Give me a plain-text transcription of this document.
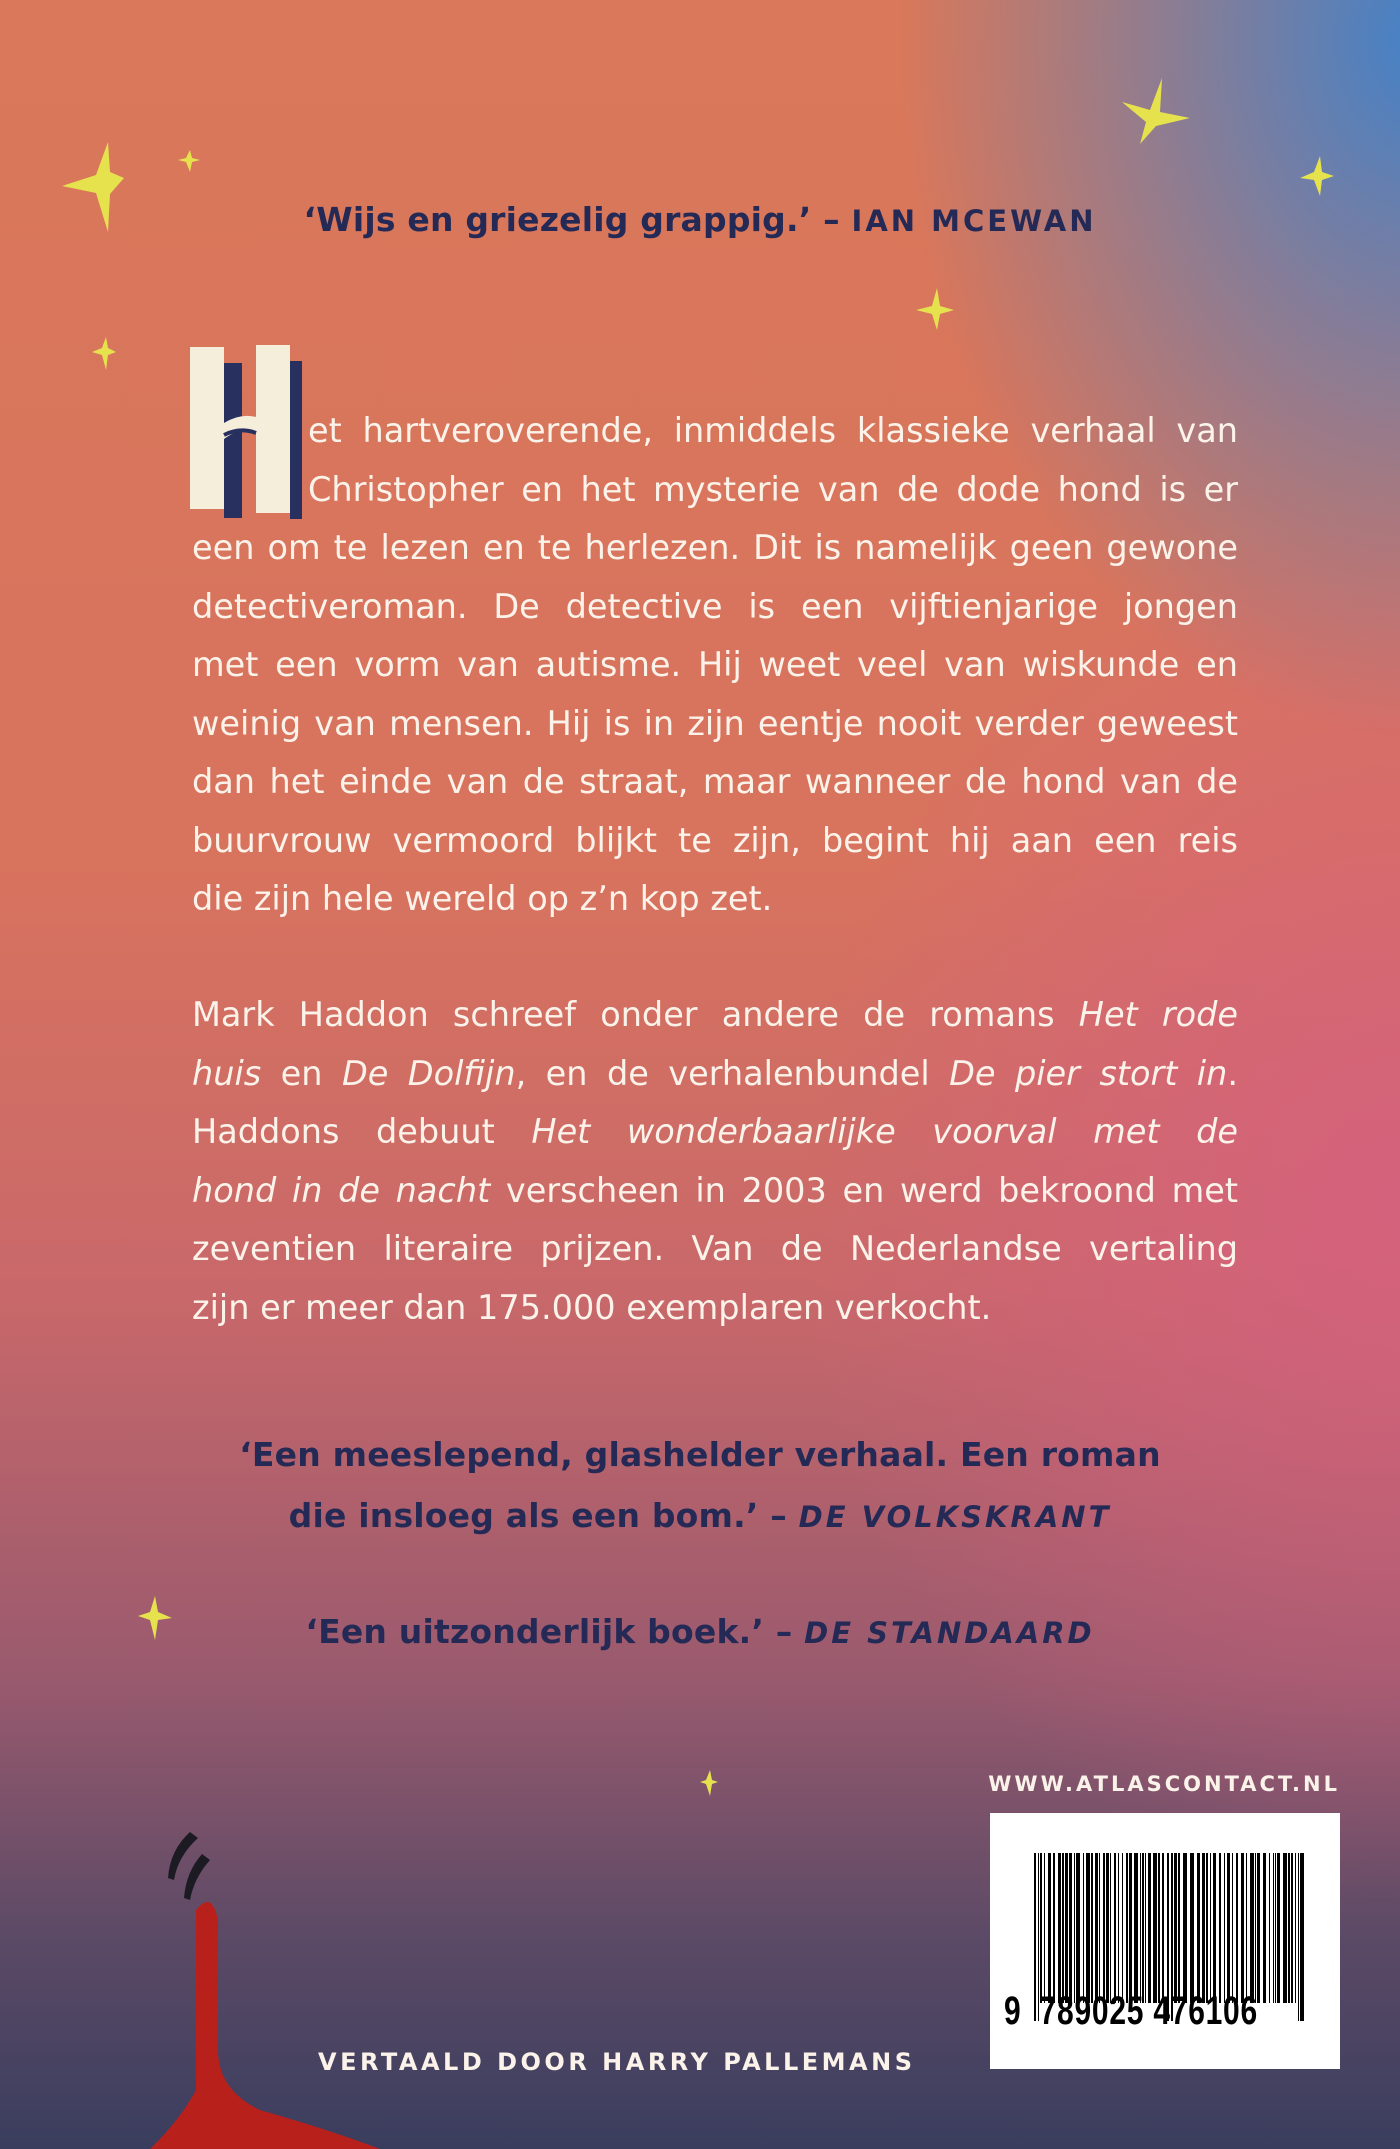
‘Wijs en griezelig grappig.’ – IAN MCEWAN
et hartveroverende, inmiddels klassieke verhaal van
Christopher en het mysterie van de dode hond is er
een om te lezen en te herlezen. Dit is namelijk geen gewone
detectiveroman. De detective is een vijftienjarige jongen
met een vorm van autisme. Hij weet veel van wiskunde en
weinig van mensen. Hij is in zijn eentje nooit verder geweest
dan het einde van de straat, maar wanneer de hond van de
buurvrouw vermoord blijkt te zijn, begint hij aan een reis
die zijn hele wereld op z’n kop zet.
Mark Haddon schreef onder andere de romans Het rode
huis en De Dolfijn, en de verhalenbundel De pier stort in.
Haddons debuut Het wonderbaarlijke voorval met de
hond in de nacht verscheen in 2003 en werd bekroond met
zeventien literaire prijzen. Van de Nederlandse vertaling
zijn er meer dan 175.000 exemplaren verkocht.
‘Een meeslepend, glashelder verhaal. Een roman
die insloeg als een bom.’ – DE VOLKSKRANT
‘Een uitzonderlijk boek.’ – DE STANDAARD
WWW.ATLASCONTACT.NL
9 789025 476106
VERTAALD DOOR HARRY PALLEMANS
